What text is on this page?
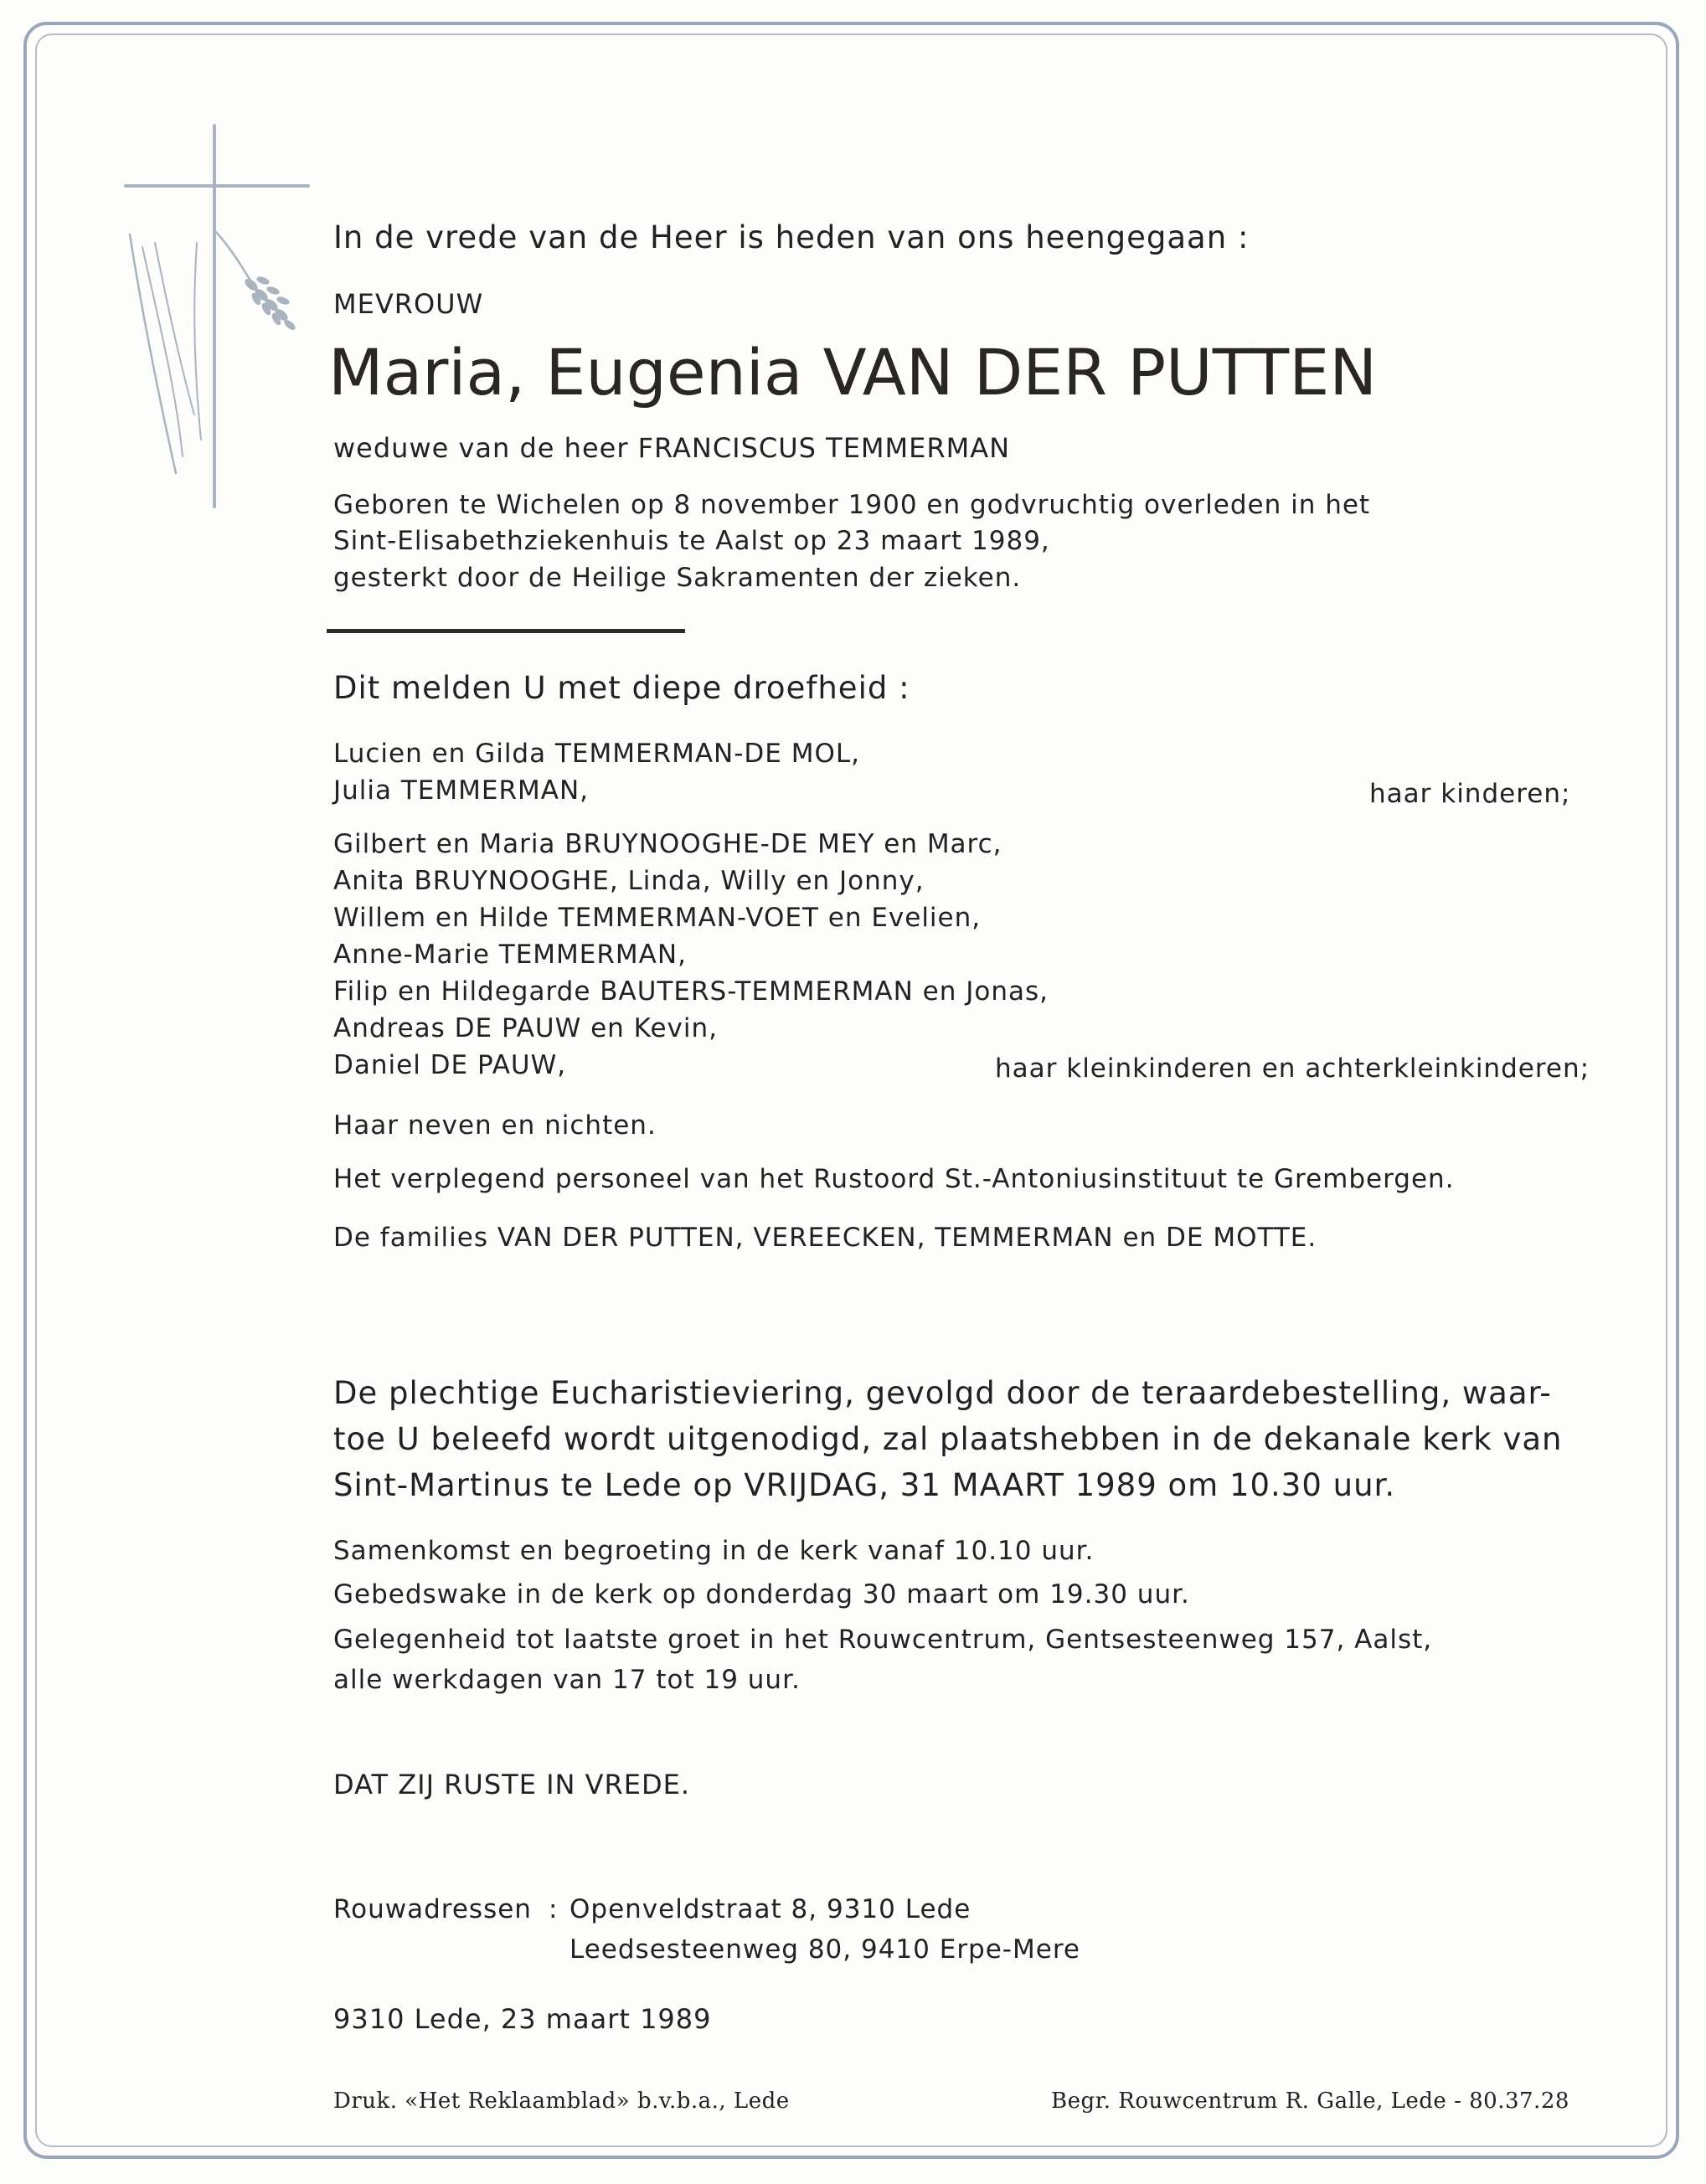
In de vrede van de Heer is heden van ons heengegaan :
MEVROUW
Maria, Eugenia VAN DER PUTTEN
weduwe van de heer FRANCISCUS TEMMERMAN
Geboren te Wichelen op 8 november 1900 en godvruchtig overleden in het
Sint-Elisabethziekenhuis te Aalst op 23 maart 1989,
gesterkt door de Heilige Sakramenten der zieken.
Dit melden U met diepe droefheid :
Lucien en Gilda TEMMERMAN-DE MOL,
Julia TEMMERMAN,	haar kinderen;
Gilbert en Maria BRUYNOOGHE-DE MEY en Marc,
Anita BRUYNOOGHE, Linda, Willy en Jonny,
Willem en Hilde TEMMERMAN-VOET en Evelien,
Anne-Marie TEMMERMAN,
Filip en Hildegarde BAUTERS-TEMMERMAN en Jonas,
Andreas DE PAUW en Kevin,
Daniel DE PAUW,	haar kleinkinderen en achterkleinkinderen;
Haar neven en nichten.
Het verplegend personeel van het Rustoord St.-Antoniusinstituut te Grembergen.
De families VAN DER PUTTEN, VEREECKEN, TEMMERMAN en DE MOTTE.
De plechtige Eucharistieviering, gevolgd door de teraardebestelling, waar-
toe U beleefd wordt uitgenodigd, zal plaatshebben in de dekanale kerk van
Sint-Martinus te Lede op VRIJDAG, 31 MAART 1989 om 10.30 uur.
Samenkomst en begroeting in de kerk vanaf 10.10 uur.
Gebedswake in de kerk op donderdag 30 maart om 19.30 uur.
Gelegenheid tot laatste groet in het Rouwcentrum, Gentsesteenweg 157, Aalst,
alle werkdagen van 17 tot 19 uur.
DAT ZIJ RUSTE IN VREDE.
Rouwadressen : Openveldstraat 8, 9310 Lede
Leedsesteenweg 80, 9410 Erpe-Mere
9310 Lede, 23 maart 1989
Druk. «Het Reklaamblad» b.v.b.a., Lede	Begr. Rouwcentrum R. Galle, Lede - 80.37.28
